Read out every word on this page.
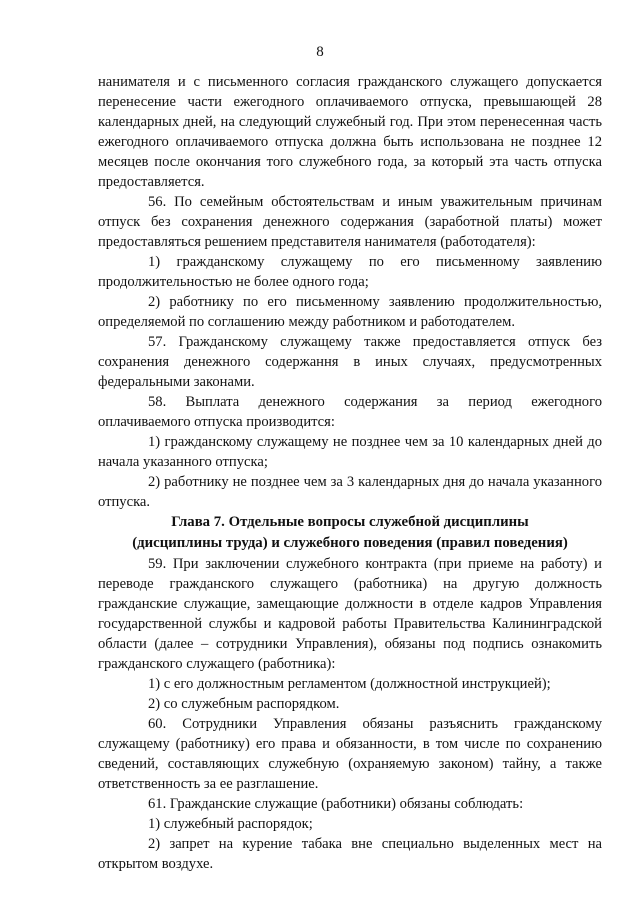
8

нанимателя и с письменного согласия гражданского служащего допускается перенесение части ежегодного оплачиваемого отпуска, превышающей 28 календарных дней, на следующий служебный год. При этом перенесенная часть ежегодного оплачиваемого отпуска должна быть использована не позднее 12 месяцев после окончания того служебного года, за который эта часть отпуска предоставляется.

56. По семейным обстоятельствам и иным уважительным причинам отпуск без сохранения денежного содержания (заработной платы) может предоставляться решением представителя нанимателя (работодателя):

1) гражданскому служащему по его письменному заявлению продолжительностью не более одного года;

2) работнику по его письменному заявлению продолжительностью, определяемой по соглашению между работником и работодателем.

57. Гражданскому служащему также предоставляется отпуск без сохранения денежного содержання в иных случаях, предусмотренных федеральными законами.

58. Выплата денежного содержания за период ежегодного оплачиваемого отпуска производится:

1) гражданскому служащему не позднее чем за 10 календарных дней до начала указанного отпуска;

2) работнику не позднее чем за 3 календарных дня до начала указанного отпуска.

Глава 7. Отдельные вопросы служебной дисциплины
(дисциплины труда) и служебного поведения (правил поведения)

59. При заключении служебного контракта (при приеме на работу) и переводе гражданского служащего (работника) на другую должность гражданские служащие, замещающие должности в отделе кадров Управления государственной службы и кадровой работы Правительства Калининградской области (далее – сотрудники Управления), обязаны под подпись ознакомить гражданского служащего (работника):

1) с его должностным регламентом (должностной инструкцией);

2) со служебным распорядком.

60. Сотрудники Управления обязаны разъяснить гражданскому служащему (работнику) его права и обязанности, в том числе по сохранению сведений, составляющих служебную (охраняемую законом) тайну, а также ответственность за ее разглашение.

61. Гражданские служащие (работники) обязаны соблюдать:

1) служебный распорядок;

2) запрет на курение табака вне специально выделенных мест на открытом воздухе.
